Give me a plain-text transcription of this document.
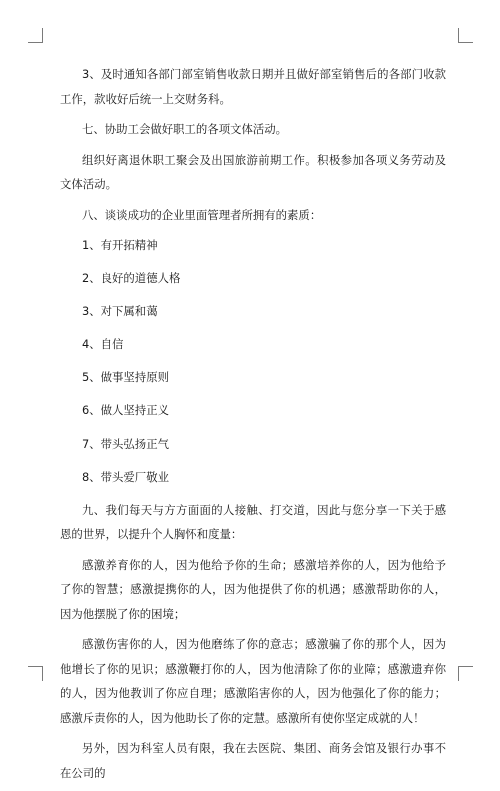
3、及时通知各部门部室销售收款日期并且做好部室销售后的各部门收款工作，款收好后统一上交财务科。

七、协助工会做好职工的各项文体活动。

组织好离退休职工聚会及出国旅游前期工作。积极参加各项义务劳动及文体活动。

八、谈谈成功的企业里面管理者所拥有的素质：

1、有开拓精神

2、良好的道德人格

3、对下属和蔼

4、自信

5、做事坚持原则

6、做人坚持正义

7、带头弘扬正气

8、带头爱厂敬业

九、我们每天与方方面面的人接触、打交道，因此与您分享一下关于感恩的世界，以提升个人胸怀和度量：

感激养育你的人，因为他给予你的生命；感激培养你的人，因为他给予了你的智慧；感激提携你的人，因为他提供了你的机遇；感激帮助你的人，因为他摆脱了你的困境；

感激伤害你的人，因为他磨练了你的意志；感激骗了你的那个人，因为他增长了你的见识；感激鞭打你的人，因为他清除了你的业障；感激遗弃你的人，因为他教训了你应自理；感激陷害你的人，因为他强化了你的能力；感激斥责你的人，因为他助长了你的定慧。感激所有使你坚定成就的人！

另外，因为科室人员有限，我在去医院、集团、商务会馆及银行办事不在公司的
